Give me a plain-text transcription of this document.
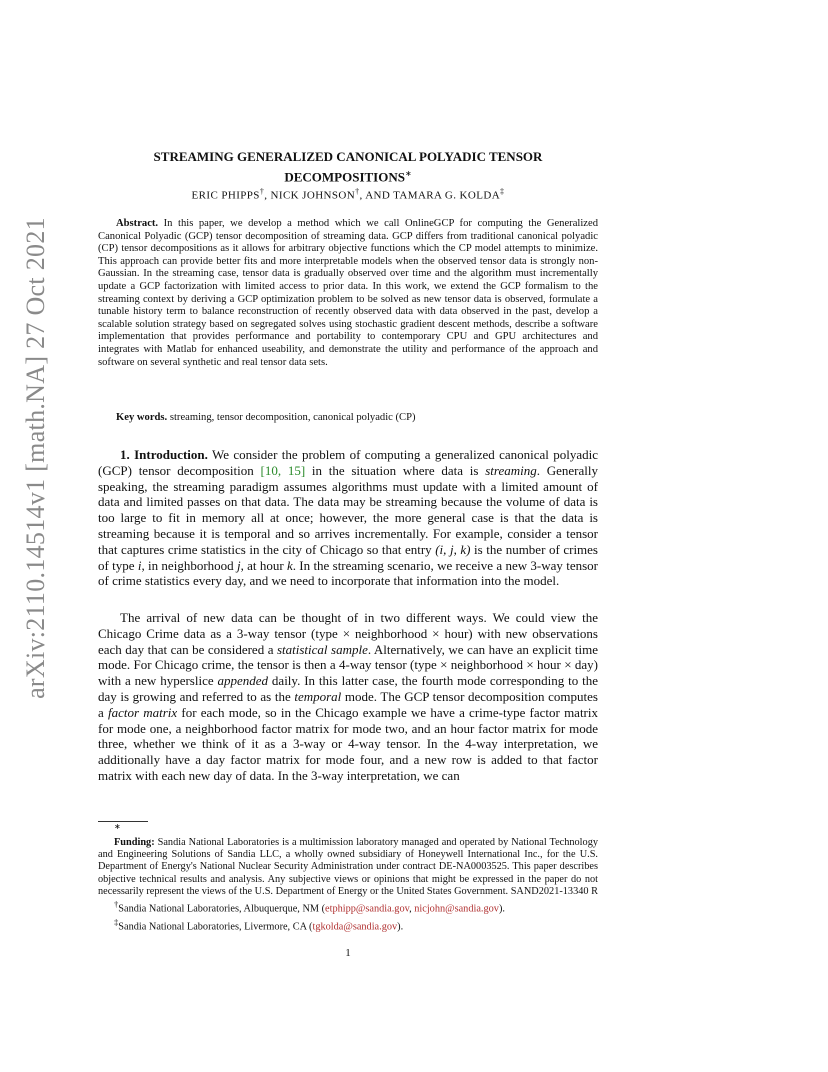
arXiv:2110.14514v1 [math.NA] 27 Oct 2021
STREAMING GENERALIZED CANONICAL POLYADIC TENSOR
DECOMPOSITIONS∗
ERIC PHIPPS†, NICK JOHNSON†, AND TAMARA G. KOLDA‡
Abstract. In this paper, we develop a method which we call OnlineGCP for computing the Generalized Canonical Polyadic (GCP) tensor decomposition of streaming data. GCP differs from traditional canonical polyadic (CP) tensor decompositions as it allows for arbitrary objective functions which the CP model attempts to minimize. This approach can provide better fits and more interpretable models when the observed tensor data is strongly non-Gaussian. In the streaming case, tensor data is gradually observed over time and the algorithm must incrementally update a GCP factorization with limited access to prior data. In this work, we extend the GCP formalism to the streaming context by deriving a GCP optimization problem to be solved as new tensor data is observed, formulate a tunable history term to balance reconstruction of recently observed data with data observed in the past, develop a scalable solution strategy based on segregated solves using stochastic gradient descent methods, describe a software implementation that provides performance and portability to contemporary CPU and GPU architectures and integrates with Matlab for enhanced useability, and demonstrate the utility and performance of the approach and software on several synthetic and real tensor data sets.
Key words. streaming, tensor decomposition, canonical polyadic (CP)
1. Introduction. We consider the problem of computing a generalized canonical polyadic (GCP) tensor decomposition [10, 15] in the situation where data is streaming. Generally speaking, the streaming paradigm assumes algorithms must update with a limited amount of data and limited passes on that data. The data may be streaming because the volume of data is too large to fit in memory all at once; however, the more general case is that the data is streaming because it is temporal and so arrives incrementally. For example, consider a tensor that captures crime statistics in the city of Chicago so that entry (i, j, k) is the number of crimes of type i, in neighborhood j, at hour k. In the streaming scenario, we receive a new 3-way tensor of crime statistics every day, and we need to incorporate that information into the model.
The arrival of new data can be thought of in two different ways. We could view the Chicago Crime data as a 3-way tensor (type × neighborhood × hour) with new observations each day that can be considered a statistical sample. Alternatively, we can have an explicit time mode. For Chicago crime, the tensor is then a 4-way tensor (type × neighborhood × hour × day) with a new hyperslice appended daily. In this latter case, the fourth mode corresponding to the day is growing and referred to as the temporal mode. The GCP tensor decomposition computes a factor matrix for each mode, so in the Chicago example we have a crime-type factor matrix for mode one, a neighborhood factor matrix for mode two, and an hour factor matrix for mode three, whether we think of it as a 3-way or 4-way tensor. In the 4-way interpretation, we additionally have a day factor matrix for mode four, and a new row is added to that factor matrix with each new day of data. In the 3-way interpretation, we can
∗

Funding: Sandia National Laboratories is a multimission laboratory managed and operated by National Technology and Engineering Solutions of Sandia LLC, a wholly owned subsidiary of Honeywell International Inc., for the U.S. Department of Energy's National Nuclear Security Administration under contract DE-NA0003525. This paper describes objective technical results and analysis. Any subjective views or opinions that might be expressed in the paper do not necessarily represent the views of the U.S. Department of Energy or the United States Government. SAND2021-13340 R

†Sandia National Laboratories, Albuquerque, NM (etphipp@sandia.gov, nicjohn@sandia.gov).

‡Sandia National Laboratories, Livermore, CA (tgkolda@sandia.gov).

1
